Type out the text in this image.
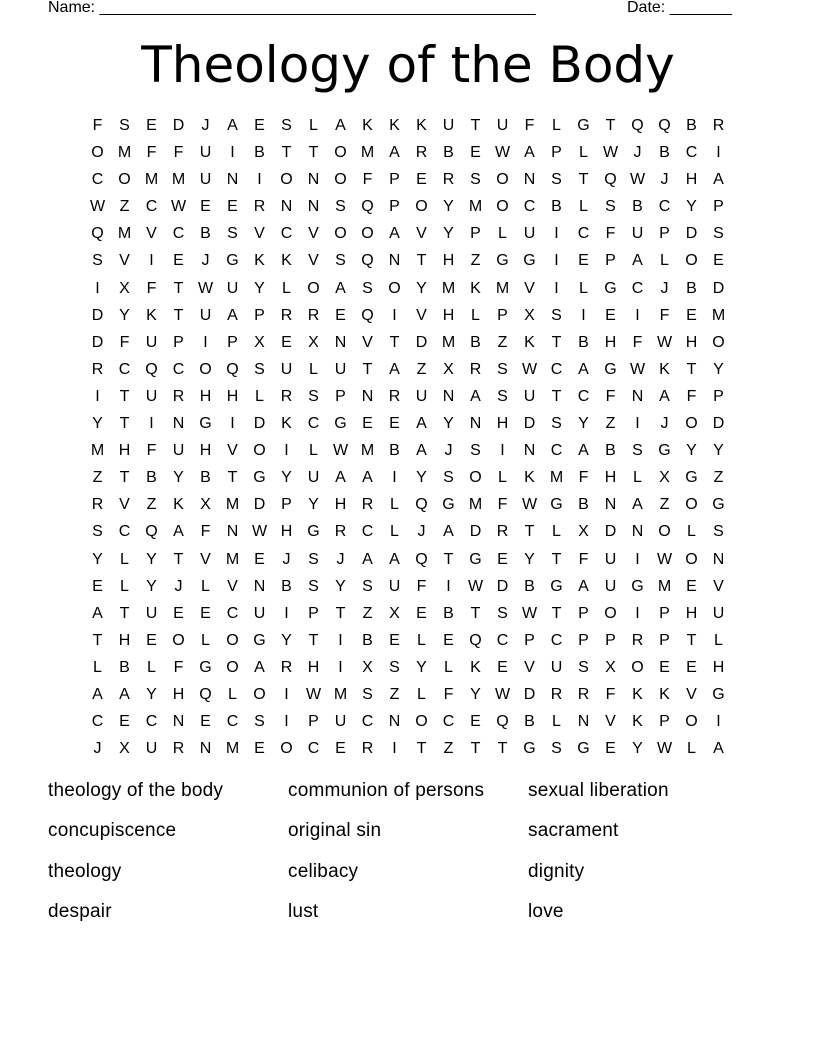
Name: _________________________________________________	Date: _______
Theology of the Body
F	S	E D	J	A	E	S	L	A	K	K	K U	T	U	F	L	G T Q Q B R
O M F	F	U	I	B	T	T O M A R B	E W A	P	L W J	B C	I
C O M M U N	I	O N O F	P	E R S O N S	T Q W J	H A
W Z	C W E	E R N N S Q P O Y M O C B	L	S	B C Y	P
Q M V C B	S	V C V O O A	V	Y	P	L	U	I	C	F	U P D S
S	V	I	E	J	G K	K	V	S Q N	T	H	Z G G	I	E	P	A	L	O E
I	X	F	T W U Y	L	O A	S O Y M K M V	I	L	G C	J	B D
D Y	K	T	U A	P R R E Q	I	V H	L	P	X	S	I	E	I	F	E M
D	F	U P	I	P	X	E	X N V	T	D M B	Z	K	T	B H	F W H O
R C Q C O Q S U	L	U	T	A	Z	X R S W C A G W K	T	Y
I	T	U R H H	L	R S	P N R U N A	S U	T	C	F	N A	F	P
Y	T	I	N G	I	D K C G E	E	A	Y N H D S	Y	Z	I	J	O D
M H	F	U H V O	I	L W M B	A	J	S	I	N C A	B	S G Y	Y
Z	T	B	Y	B	T G Y U A	A	I	Y	S O	L	K M F	H	L	X G Z
R V	Z	K	X M D P	Y H R	L	Q G M F W G B N A	Z O G
S C Q A	F	N W H G R C	L	J	A D R	T	L	X D N O	L	S
Y	L	Y	T	V M E	J	S	J	A	A Q T G E	Y	T	F	U	I	W O N
E	L	Y	J	L	V N B	S	Y	S U	F	I	W D B G A U G M E	V
A	T	U E	E C U	I	P	T	Z	X	E	B	T	S W T	P O	I	P H U
T	H E O	L	O G Y	T	I	B	E	L	E Q C P C P	P R P	T	L
L	B	L	F G O A R H	I	X	S	Y	L	K	E	V U S	X O E	E H
A	A	Y H Q	L	O	I	W M S	Z	L	F	Y W D R R	F	K	K	V G
C E C N E C S	I	P U C N O C E Q B	L	N V	K	P O	I
J	X U R N M E O C E R	I	T	Z	T	T G S G E	Y W L	A
theology of the body	communion of persons	sexual liberation
concupiscence	original sin	sacrament
theology	celibacy	dignity
despair	lust	love
